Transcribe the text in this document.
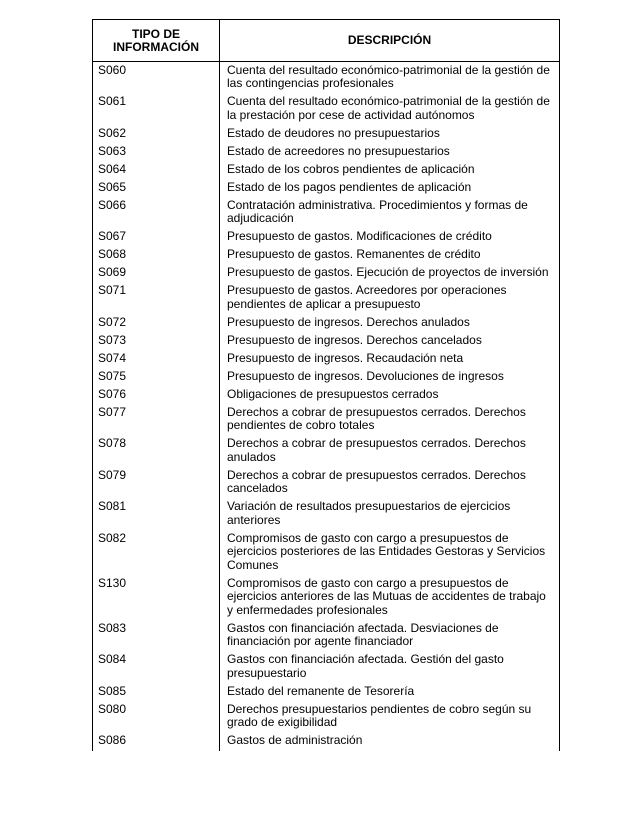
TIPO DE
INFORMACIÓN	DESCRIPCIÓN
S060	Cuenta del resultado económico-patrimonial de la gestión de las contingencias profesionales
S061	Cuenta del resultado económico-patrimonial de la gestión de la prestación por cese de actividad autónomos
S062	Estado de deudores no presupuestarios
S063	Estado de acreedores no presupuestarios
S064	Estado de los cobros pendientes de aplicación
S065	Estado de los pagos pendientes de aplicación
S066	Contratación administrativa. Procedimientos y formas de adjudicación
S067	Presupuesto de gastos. Modificaciones de crédito
S068	Presupuesto de gastos. Remanentes de crédito
S069	Presupuesto de gastos. Ejecución de proyectos de inversión
S071	Presupuesto de gastos. Acreedores por operaciones pendientes de aplicar a presupuesto
S072	Presupuesto de ingresos. Derechos anulados
S073	Presupuesto de ingresos. Derechos cancelados
S074	Presupuesto de ingresos. Recaudación neta
S075	Presupuesto de ingresos. Devoluciones de ingresos
S076	Obligaciones de presupuestos cerrados
S077	Derechos a cobrar de presupuestos cerrados. Derechos pendientes de cobro totales
S078	Derechos a cobrar de presupuestos cerrados. Derechos anulados
S079	Derechos a cobrar de presupuestos cerrados. Derechos cancelados
S081	Variación de resultados presupuestarios de ejercicios anteriores
S082	Compromisos de gasto con cargo a presupuestos de ejercicios posteriores de las Entidades Gestoras y Servicios Comunes
S130	Compromisos de gasto con cargo a presupuestos de ejercicios anteriores de las Mutuas de accidentes de trabajo y enfermedades profesionales
S083	Gastos con financiación afectada. Desviaciones de financiación por agente financiador
S084	Gastos con financiación afectada. Gestión del gasto presupuestario
S085	Estado del remanente de Tesorería
S080	Derechos presupuestarios pendientes de cobro según su grado de exigibilidad
S086	Gastos de administración
